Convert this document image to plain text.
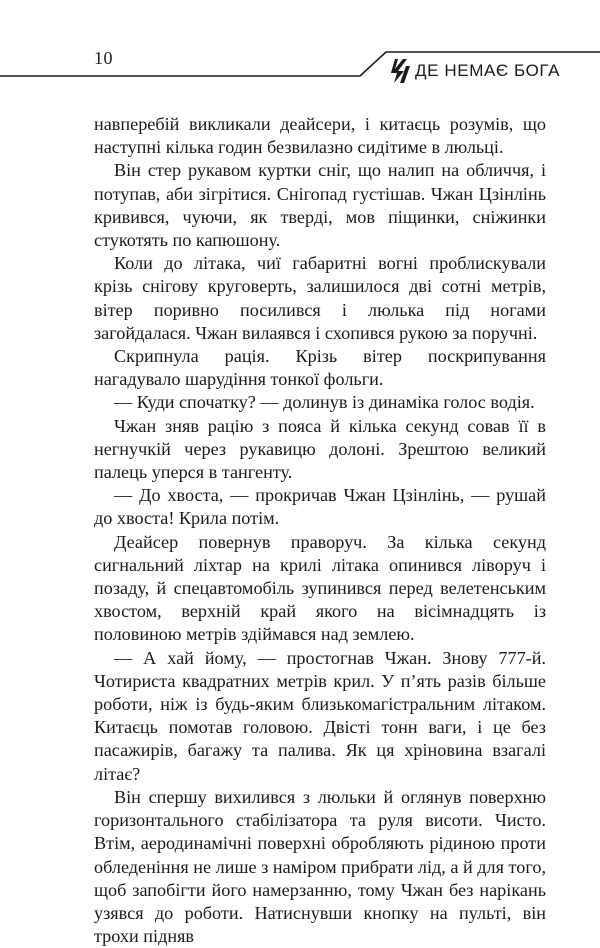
10
ДЕ НЕМАЄ БОГА

навперебій викликали деайсери, і китаєць розумів, що наступні кілька годин безвилазно сидітиме в люльці.

Він стер рукавом куртки сніг, що налип на обличчя, і потупав, аби зігрітися. Снігопад густішав. Чжан Цзінлінь кривився, чуючи, як тверді, мов піщинки, сніжинки стукотять по капюшону.

Коли до літака, чиї габаритні вогні проблискували крізь снігову круговерть, залишилося дві сотні метрів, вітер поривно посилився і люлька під ногами загойдалася. Чжан вилаявся і схопився рукою за поручні.

Скрипнула рація. Крізь вітер поскрипування нагадувало шарудіння тонкої фольги.

— Куди спочатку? — долинув із динаміка голос водія.

Чжан зняв рацію з пояса й кілька секунд совав її в негнучкій через рукавицю долоні. Зрештою великий палець уперся в тангенту.

— До хвоста, — прокричав Чжан Цзінлінь, — рушай до хвоста! Крила потім.

Деайсер повернув праворуч. За кілька секунд сигнальний ліхтар на крилі літака опинився ліворуч і позаду, й спецавтомобіль зупинився перед велетенським хвостом, верхній край якого на вісімнадцять із половиною метрів здіймався над землею.

— А хай йому, — простогнав Чжан. Знову 777-й. Чотириста квадратних метрів крил. У п’ять разів більше роботи, ніж із будь-яким близькомагістральним літаком. Китаєць помотав головою. Двісті тонн ваги, і це без пасажирів, багажу та палива. Як ця хріновина взагалі літає?

Він спершу вихилився з люльки й оглянув поверхню горизонтального стабілізатора та руля висоти. Чисто. Втім, аеродинамічні поверхні обробляють рідиною проти обледеніння не лише з наміром прибрати лід, а й для того, щоб запобігти його намерзанню, тому Чжан без нарікань узявся до роботи. Натиснувши кнопку на пульті, він трохи підняв
